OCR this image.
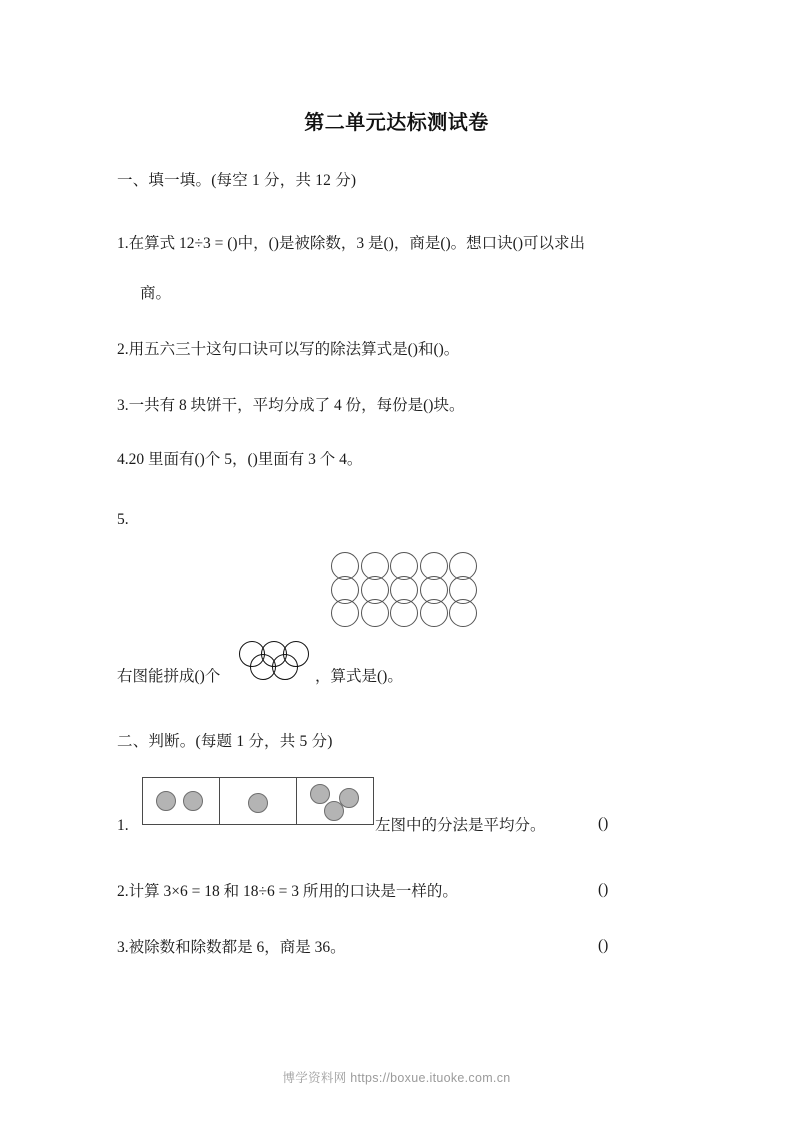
第二单元达标测试卷
一、填一填。(每空 1 分，共 12 分)
1.在算式 12÷3 = ()中，()是被除数，3 是()，商是()。想口诀()可以求出
商。
2.用五六三十这句口诀可以写的除法算式是()和()。
3.一共有 8 块饼干，平均分成了 4 份，每份是()块。
4.20 里面有()个 5，()里面有 3 个 4。
5.
右图能拼成()个	，算式是()。
二、判断。(每题 1 分，共 5 分)
1.	左图中的分法是平均分。	()
2.计算 3×6 = 18 和 18÷6 = 3 所用的口诀是一样的。	()
3.被除数和除数都是 6，商是 36。	()
博学资料网 https://boxue.ituoke.com.cn
